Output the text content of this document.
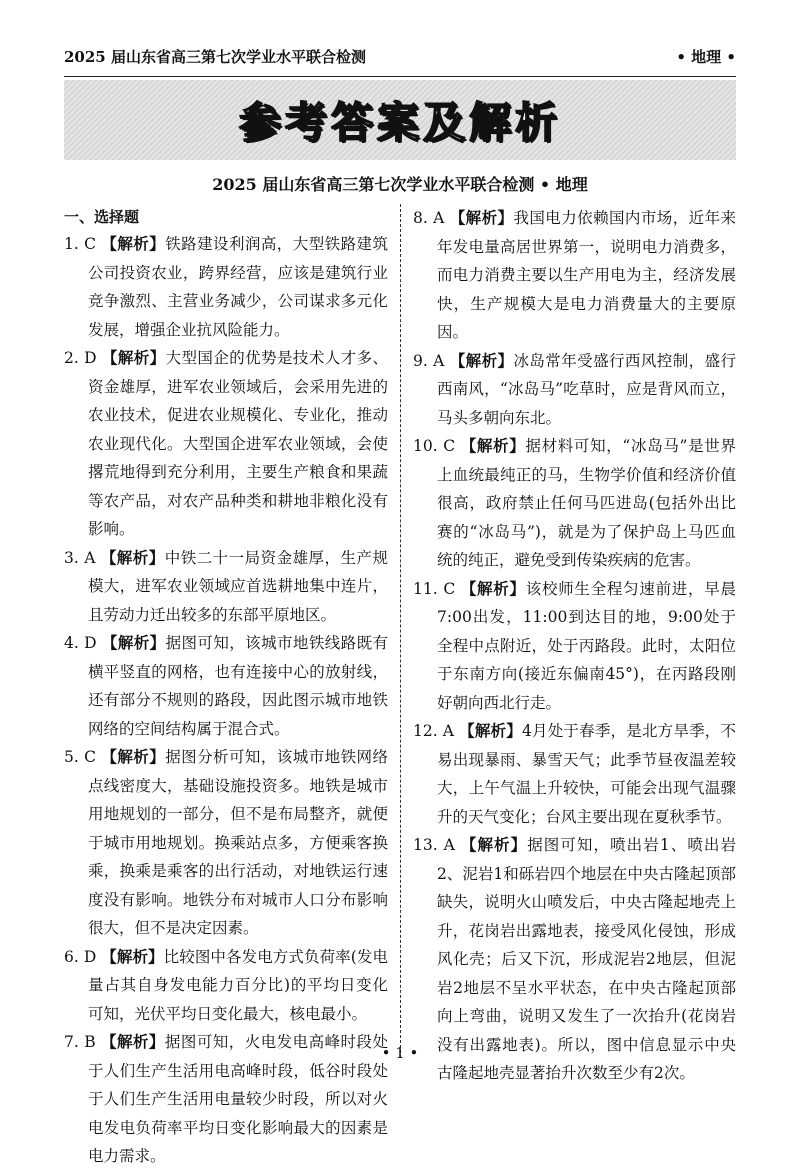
2025 届山东省高三第七次学业水平联合检测	• 地理 •
参考答案及解析
2025 届山东省高三第七次学业水平联合检测 • 地理
一、选择题

1. C 【解析】铁路建设利润高，大型铁路建筑公司投资农业，跨界经营，应该是建筑行业竞争激烈、主营业务减少，公司谋求多元化发展，增强企业抗风险能力。

2. D 【解析】大型国企的优势是技术人才多、资金雄厚，进军农业领域后，会采用先进的农业技术，促进农业规模化、专业化，推动农业现代化。大型国企进军农业领域，会使撂荒地得到充分利用，主要生产粮食和果蔬等农产品，对农产品种类和耕地非粮化没有影响。

3. A 【解析】中铁二十一局资金雄厚，生产规模大，进军农业领域应首选耕地集中连片，且劳动力迁出较多的东部平原地区。

4. D 【解析】据图可知，该城市地铁线路既有横平竖直的网格，也有连接中心的放射线，还有部分不规则的路段，因此图示城市地铁网络的空间结构属于混合式。

5. C 【解析】据图分析可知，该城市地铁网络点线密度大，基础设施投资多。地铁是城市用地规划的一部分，但不是布局整齐，就便于城市用地规划。换乘站点多，方便乘客换乘，换乘是乘客的出行活动，对地铁运行速度没有影响。地铁分布对城市人口分布影响很大，但不是决定因素。

6. D 【解析】比较图中各发电方式负荷率(发电量占其自身发电能力百分比)的平均日变化可知，光伏平均日变化最大，核电最小。

7. B 【解析】据图可知，火电发电高峰时段处于人们生产生活用电高峰时段，低谷时段处于人们生产生活用电量较少时段，所以对火电发电负荷率平均日变化影响最大的因素是电力需求。

8. A 【解析】我国电力依赖国内市场，近年来年发电量高居世界第一，说明电力消费多，而电力消费主要以生产用电为主，经济发展快，生产规模大是电力消费量大的主要原因。

9. A 【解析】冰岛常年受盛行西风控制，盛行西南风，“冰岛马”吃草时，应是背风而立，马头多朝向东北。

10. C 【解析】据材料可知，“冰岛马”是世界上血统最纯正的马，生物学价值和经济价值很高，政府禁止任何马匹进岛(包括外出比赛的“冰岛马”)，就是为了保护岛上马匹血统的纯正，避免受到传染疾病的危害。

11. C 【解析】该校师生全程匀速前进，早晨7:00出发，11:00到达目的地，9:00处于全程中点附近，处于丙路段。此时，太阳位于东南方向(接近东偏南45°)，在丙路段刚好朝向西北行走。

12. A 【解析】4月处于春季，是北方旱季，不易出现暴雨、暴雪天气；此季节昼夜温差较大，上午气温上升较快，可能会出现气温骤升的天气变化；台风主要出现在夏秋季节。

13. A 【解析】据图可知，喷出岩1、喷出岩2、泥岩1和砾岩四个地层在中央古隆起顶部缺失，说明火山喷发后，中央古隆起地壳上升，花岗岩出露地表，接受风化侵蚀，形成风化壳；后又下沉，形成泥岩2地层，但泥岩2地层不呈水平状态，在中央古隆起顶部向上弯曲，说明又发生了一次抬升(花岗岩没有出露地表)。所以，图中信息显示中央古隆起地壳显著抬升次数至少有2次。

• 1 •
